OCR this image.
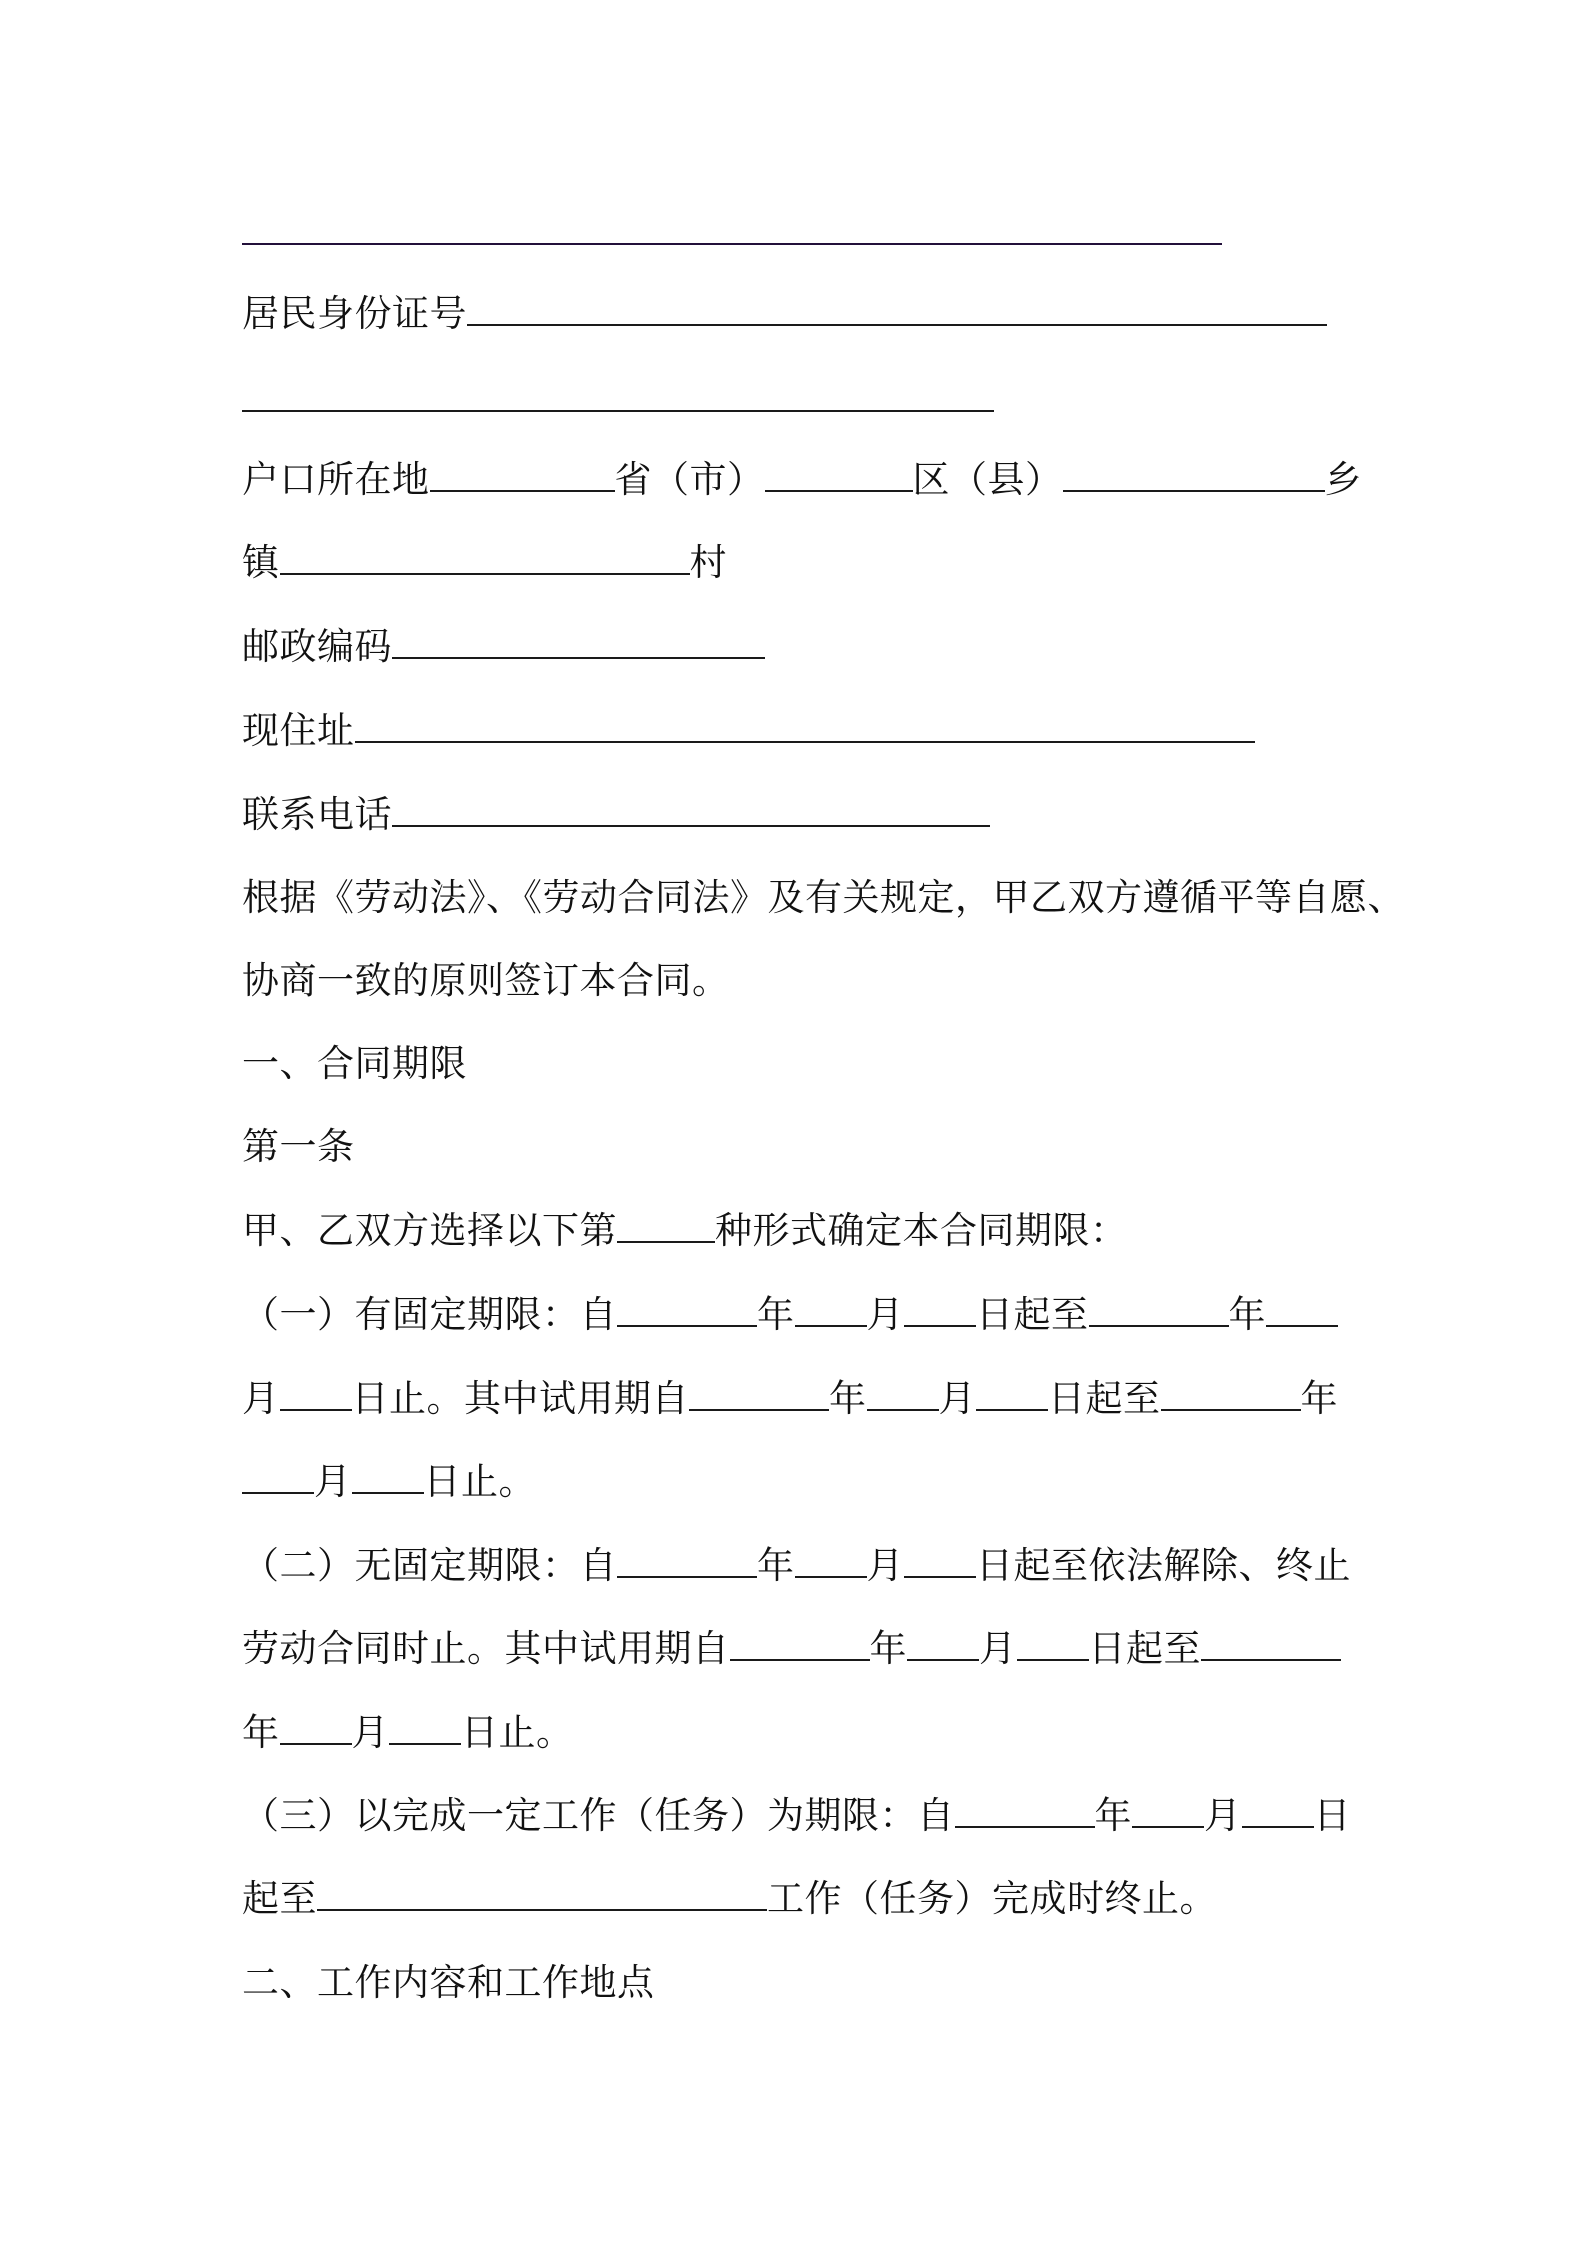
居民身份证号
户口所在地	省（市）	区（县）	乡
镇	村
邮政编码
现住址
联系电话
根据《劳动法》、《劳动合同法》及有关规定，甲乙双方遵循平等自愿、
协商一致的原则签订本合同。
一、合同期限
第一条
甲、乙双方选择以下第	种形式确定本合同期限：
（一）有固定期限：自	年 月 日起至	年
月 日止。其中试用期自	年 月 日起至	年
月 日止。
（二）无固定期限：自	年 月 日起至依法解除、终止
劳动合同时止。其中试用期自	年 月 日起至
年 月 日止。
（三）以完成一定工作（任务）为期限：自	年 月 日
起至	工作（任务）完成时终止。
二、工作内容和工作地点
